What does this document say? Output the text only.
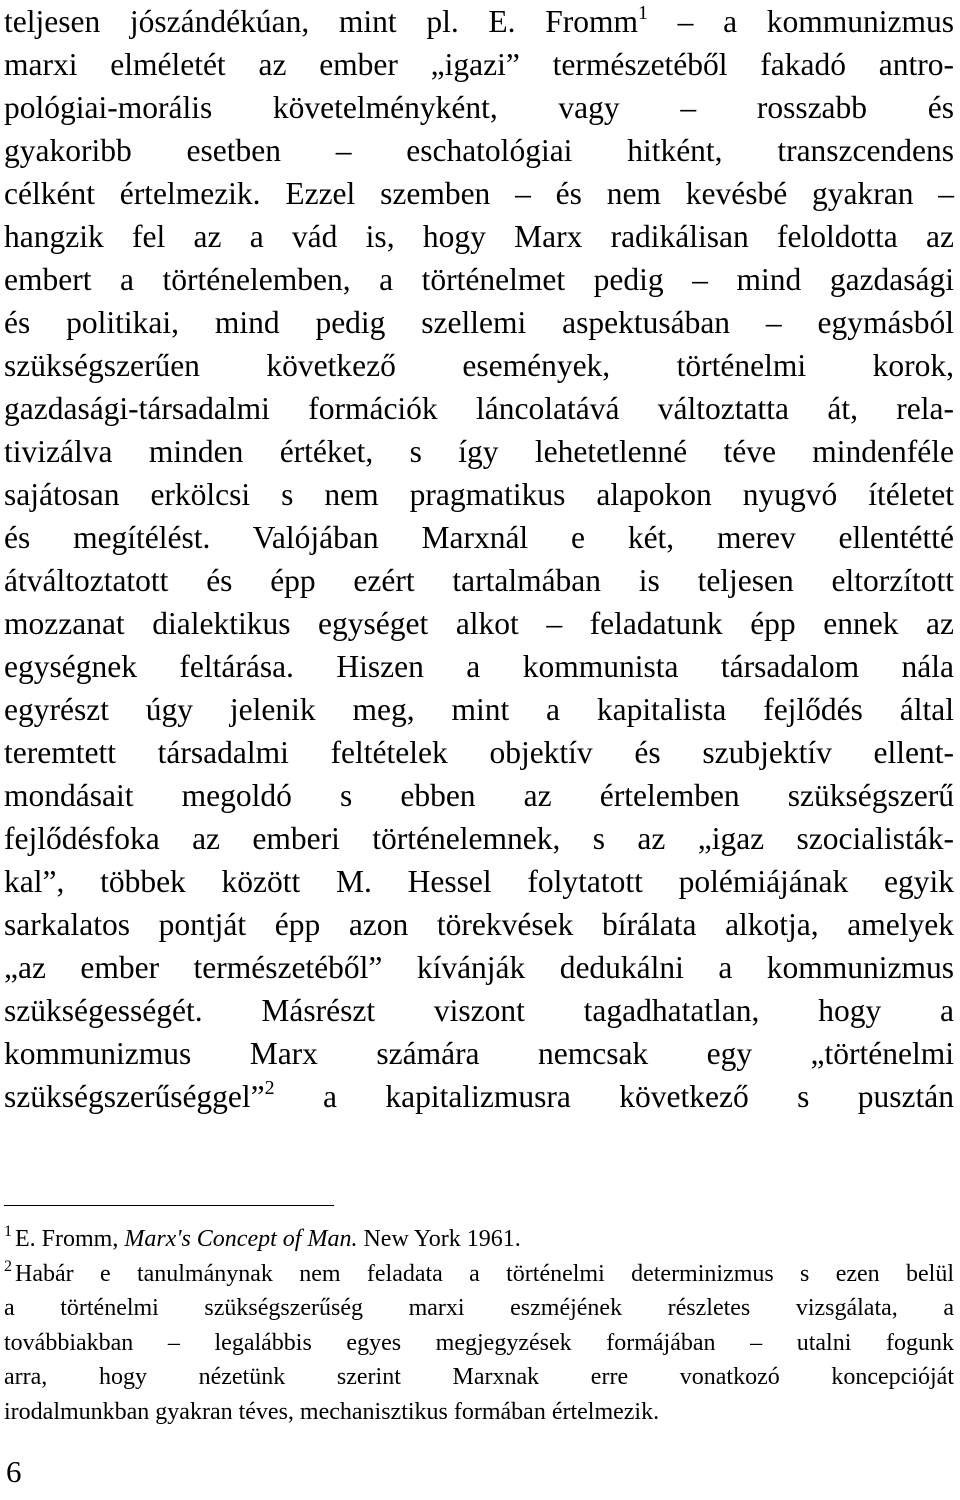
teljesen jószándékúan, mint pl. E. Fromm$^1$ – a kommunizmus
marxi elméletét az ember „igazi” természetéből fakadó antro-
pológiai-morális követelményként, vagy – rosszabb és
gyakoribb esetben – eschatológiai hitként, transzcendens
célként értelmezik. Ezzel szemben – és nem kevésbé gyakran –
hangzik fel az a vád is, hogy Marx radikálisan feloldotta az
embert a történelemben, a történelmet pedig – mind gazdasági
és politikai, mind pedig szellemi aspektusában – egymásból
szükségszerűen következő események, történelmi korok,
gazdasági-társadalmi formációk láncolatává változtatta át, rela-
tivizálva minden értéket, s így lehetetlenné téve mindenféle
sajátosan erkölcsi s nem pragmatikus alapokon nyugvó ítéletet
és megítélést. Valójában Marxnál e két, merev ellentétté
átváltoztatott és épp ezért tartalmában is teljesen eltorzított
mozzanat dialektikus egységet alkot – feladatunk épp ennek az
egységnek feltárása. Hiszen a kommunista társadalom nála
egyrészt úgy jelenik meg, mint a kapitalista fejlődés által
teremtett társadalmi feltételek objektív és szubjektív ellent-
mondásait megoldó s ebben az értelemben szükségszerű
fejlődésfoka az emberi történelemnek, s az „igaz szocialisták-
kal”, többek között M. Hessel folytatott polémiájának egyik
sarkalatos pontját épp azon törekvések bírálata alkotja, amelyek
„az ember természetéből” kívánják dedukálni a kommunizmus
szükségességét. Másrészt viszont tagadhatatlan, hogy a
kommunizmus Marx számára nemcsak egy „történelmi
szükségszerűséggel”$^2$ a kapitalizmusra következő s pusztán
$^1$ E. Fromm, Marx's Concept of Man. New York 1961.
$^2$ Habár e tanulmánynak nem feladata a történelmi determinizmus s ezen belül
a történelmi szükségszerűség marxi eszméjének részletes vizsgálata, a
továbbiakban – legalábbis egyes megjegyzések formájában – utalni fogunk
arra, hogy nézetünk szerint Marxnak erre vonatkozó koncepcióját
irodalmunkban gyakran téves, mechanisztikus formában értelmezik.
6
